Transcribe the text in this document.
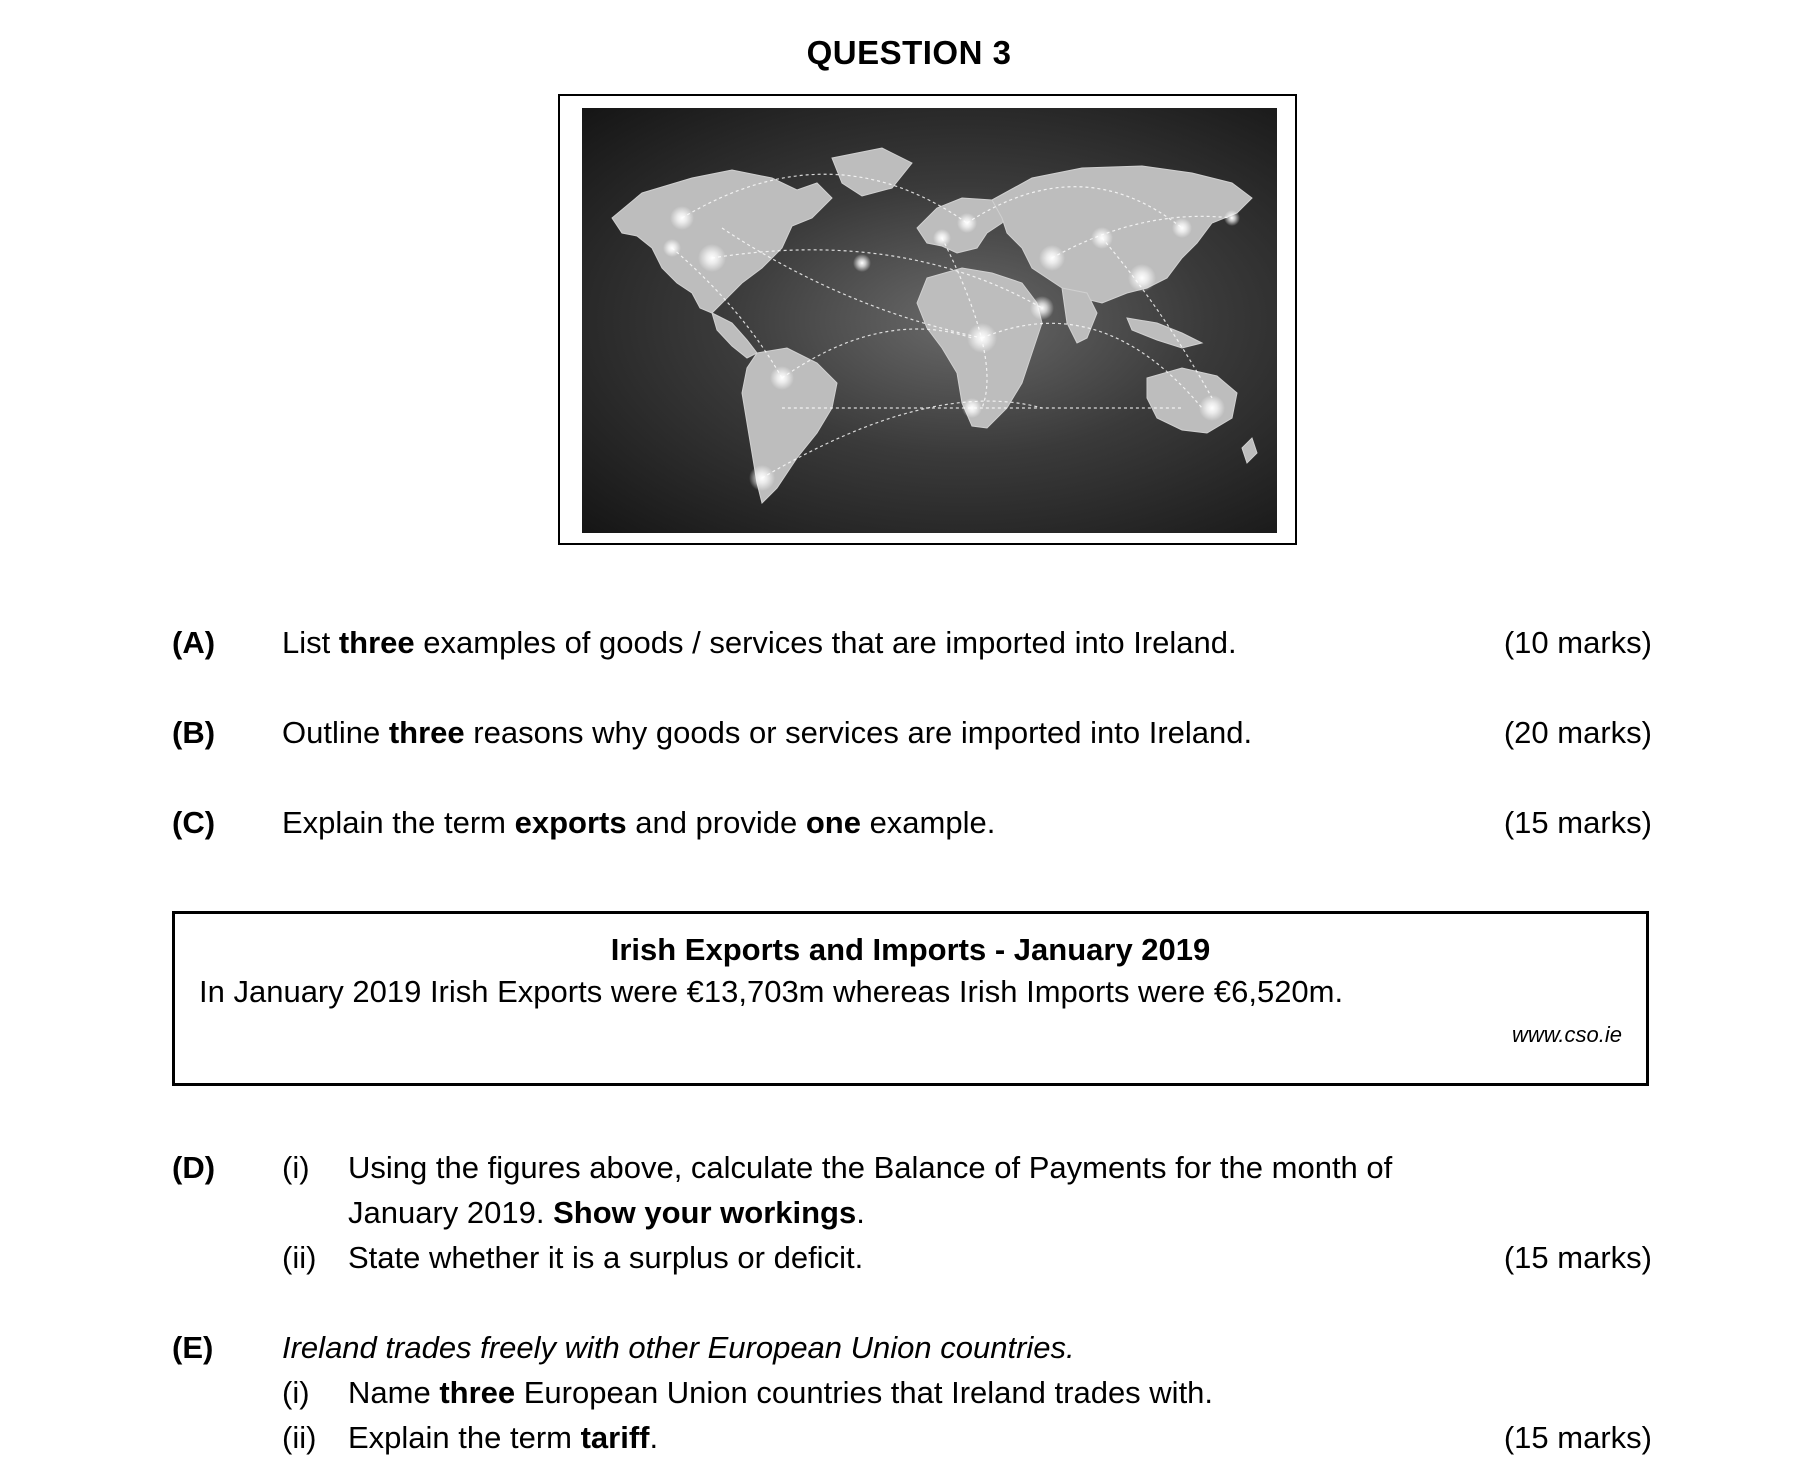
QUESTION 3
(A) List three examples of goods / services that are imported into Ireland.	(10 marks)
(B) Outline three reasons why goods or services are imported into Ireland.	(20 marks)
(C) Explain the term exports and provide one example.	(15 marks)
Irish Exports and Imports - January 2019
In January 2019 Irish Exports were €13,703m whereas Irish Imports were €6,520m.
www.cso.ie
(D) (i) Using the figures above, calculate the Balance of Payments for the month of
January 2019. Show your workings.
(ii) State whether it is a surplus or deficit.	(15 marks)
(E) Ireland trades freely with other European Union countries.
(i) Name three European Union countries that Ireland trades with.
(ii) Explain the term tariff.	(15 marks)
